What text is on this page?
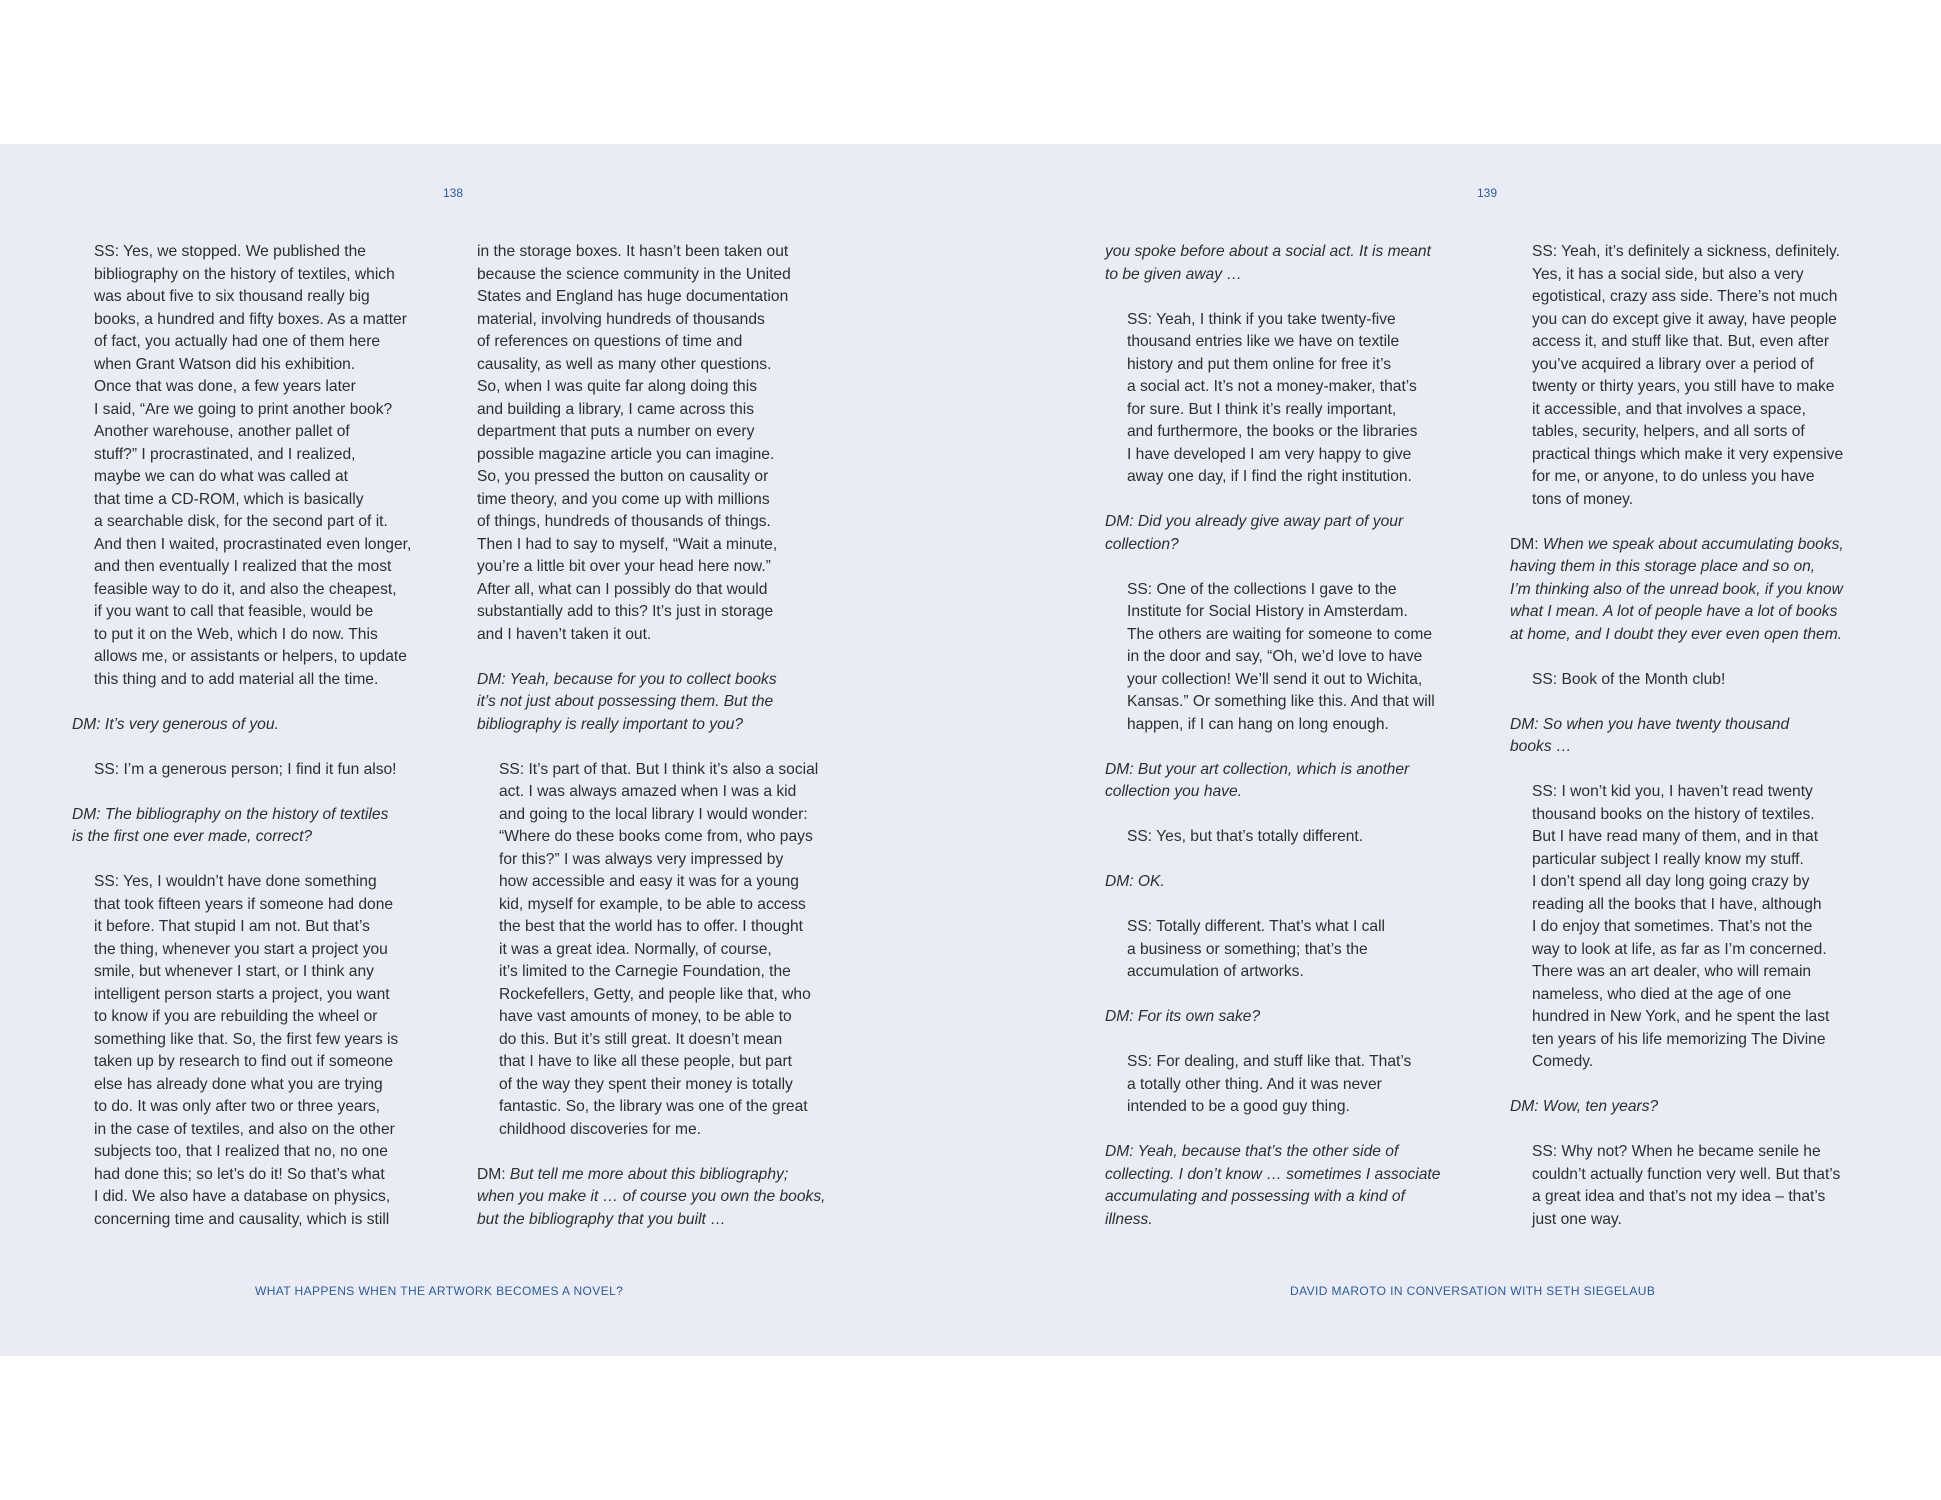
138

SS: Yes, we stopped. We published the
bibliography on the history of textiles, which
was about five to six thousand really big
books, a hundred and fifty boxes. As a matter
of fact, you actually had one of them here
when Grant Watson did his exhibition.
Once that was done, a few years later
I said, “Are we going to print another book?
Another warehouse, another pallet of
stuff?” I procrastinated, and I realized,
maybe we can do what was called at
that time a CD-ROM, which is basically
a searchable disk, for the second part of it.
And then I waited, procrastinated even longer,
and then eventually I realized that the most
feasible way to do it, and also the cheapest,
if you want to call that feasible, would be
to put it on the Web, which I do now. This
allows me, or assistants or helpers, to update
this thing and to add material all the time.

DM: It’s very generous of you.

SS: I’m a generous person; I find it fun also!

DM: The bibliography on the history of textiles
is the first one ever made, correct?

SS: Yes, I wouldn’t have done something
that took fifteen years if someone had done
it before. That stupid I am not. But that’s
the thing, whenever you start a project you
smile, but whenever I start, or I think any
intelligent person starts a project, you want
to know if you are rebuilding the wheel or
something like that. So, the first few years is
taken up by research to find out if someone
else has already done what you are trying
to do. It was only after two or three years,
in the case of textiles, and also on the other
subjects too, that I realized that no, no one
had done this; so let’s do it! So that’s what
I did. We also have a database on physics,
concerning time and causality, which is still

in the storage boxes. It hasn’t been taken out
because the science community in the United
States and England has huge documentation
material, involving hundreds of thousands
of references on questions of time and
causality, as well as many other questions.
So, when I was quite far along doing this
and building a library, I came across this
department that puts a number on every
possible magazine article you can imagine.
So, you pressed the button on causality or
time theory, and you come up with millions
of things, hundreds of thousands of things.
Then I had to say to myself, “Wait a minute,
you’re a little bit over your head here now.”
After all, what can I possibly do that would
substantially add to this? It’s just in storage
and I haven’t taken it out.

DM: Yeah, because for you to collect books
it’s not just about possessing them. But the
bibliography is really important to you?

SS: It’s part of that. But I think it’s also a social
act. I was always amazed when I was a kid
and going to the local library I would wonder:
“Where do these books come from, who pays
for this?” I was always very impressed by
how accessible and easy it was for a young
kid, myself for example, to be able to access
the best that the world has to offer. I thought
it was a great idea. Normally, of course,
it’s limited to the Carnegie Foundation, the
Rockefellers, Getty, and people like that, who
have vast amounts of money, to be able to
do this. But it’s still great. It doesn’t mean
that I have to like all these people, but part
of the way they spent their money is totally
fantastic. So, the library was one of the great
childhood discoveries for me.

DM: But tell me more about this bibliography;
when you make it … of course you own the books,
but the bibliography that you built …

WHAT HAPPENS WHEN THE ARTWORK BECOMES A NOVEL?
139

you spoke before about a social act. It is meant
to be given away …

SS: Yeah, I think if you take twenty-five
thousand entries like we have on textile
history and put them online for free it’s
a social act. It’s not a money-maker, that’s
for sure. But I think it’s really important,
and furthermore, the books or the libraries
I have developed I am very happy to give
away one day, if I find the right institution.

DM: Did you already give away part of your
collection?

SS: One of the collections I gave to the
Institute for Social History in Amsterdam.
The others are waiting for someone to come
in the door and say, “Oh, we’d love to have
your collection! We’ll send it out to Wichita,
Kansas.” Or something like this. And that will
happen, if I can hang on long enough.

DM: But your art collection, which is another
collection you have.

SS: Yes, but that’s totally different.

DM: OK.

SS: Totally different. That’s what I call
a business or something; that’s the
accumulation of artworks.

DM: For its own sake?

SS: For dealing, and stuff like that. That’s
a totally other thing. And it was never
intended to be a good guy thing.

DM: Yeah, because that’s the other side of
collecting. I don’t know … sometimes I associate
accumulating and possessing with a kind of
illness.

SS: Yeah, it’s definitely a sickness, definitely.
Yes, it has a social side, but also a very
egotistical, crazy ass side. There’s not much
you can do except give it away, have people
access it, and stuff like that. But, even after
you’ve acquired a library over a period of
twenty or thirty years, you still have to make
it accessible, and that involves a space,
tables, security, helpers, and all sorts of
practical things which make it very expensive
for me, or anyone, to do unless you have
tons of money.

DM: When we speak about accumulating books,
having them in this storage place and so on,
I’m thinking also of the unread book, if you know
what I mean. A lot of people have a lot of books
at home, and I doubt they ever even open them.

SS: Book of the Month club!

DM: So when you have twenty thousand
books …

SS: I won’t kid you, I haven’t read twenty
thousand books on the history of textiles.
But I have read many of them, and in that
particular subject I really know my stuff.
I don’t spend all day long going crazy by
reading all the books that I have, although
I do enjoy that sometimes. That’s not the
way to look at life, as far as I’m concerned.
There was an art dealer, who will remain
nameless, who died at the age of one
hundred in New York, and he spent the last
ten years of his life memorizing The Divine
Comedy.

DM: Wow, ten years?

SS: Why not? When he became senile he
couldn’t actually function very well. But that’s
a great idea and that’s not my idea – that’s
just one way.

DAVID MAROTO IN CONVERSATION WITH SETH SIEGELAUB
